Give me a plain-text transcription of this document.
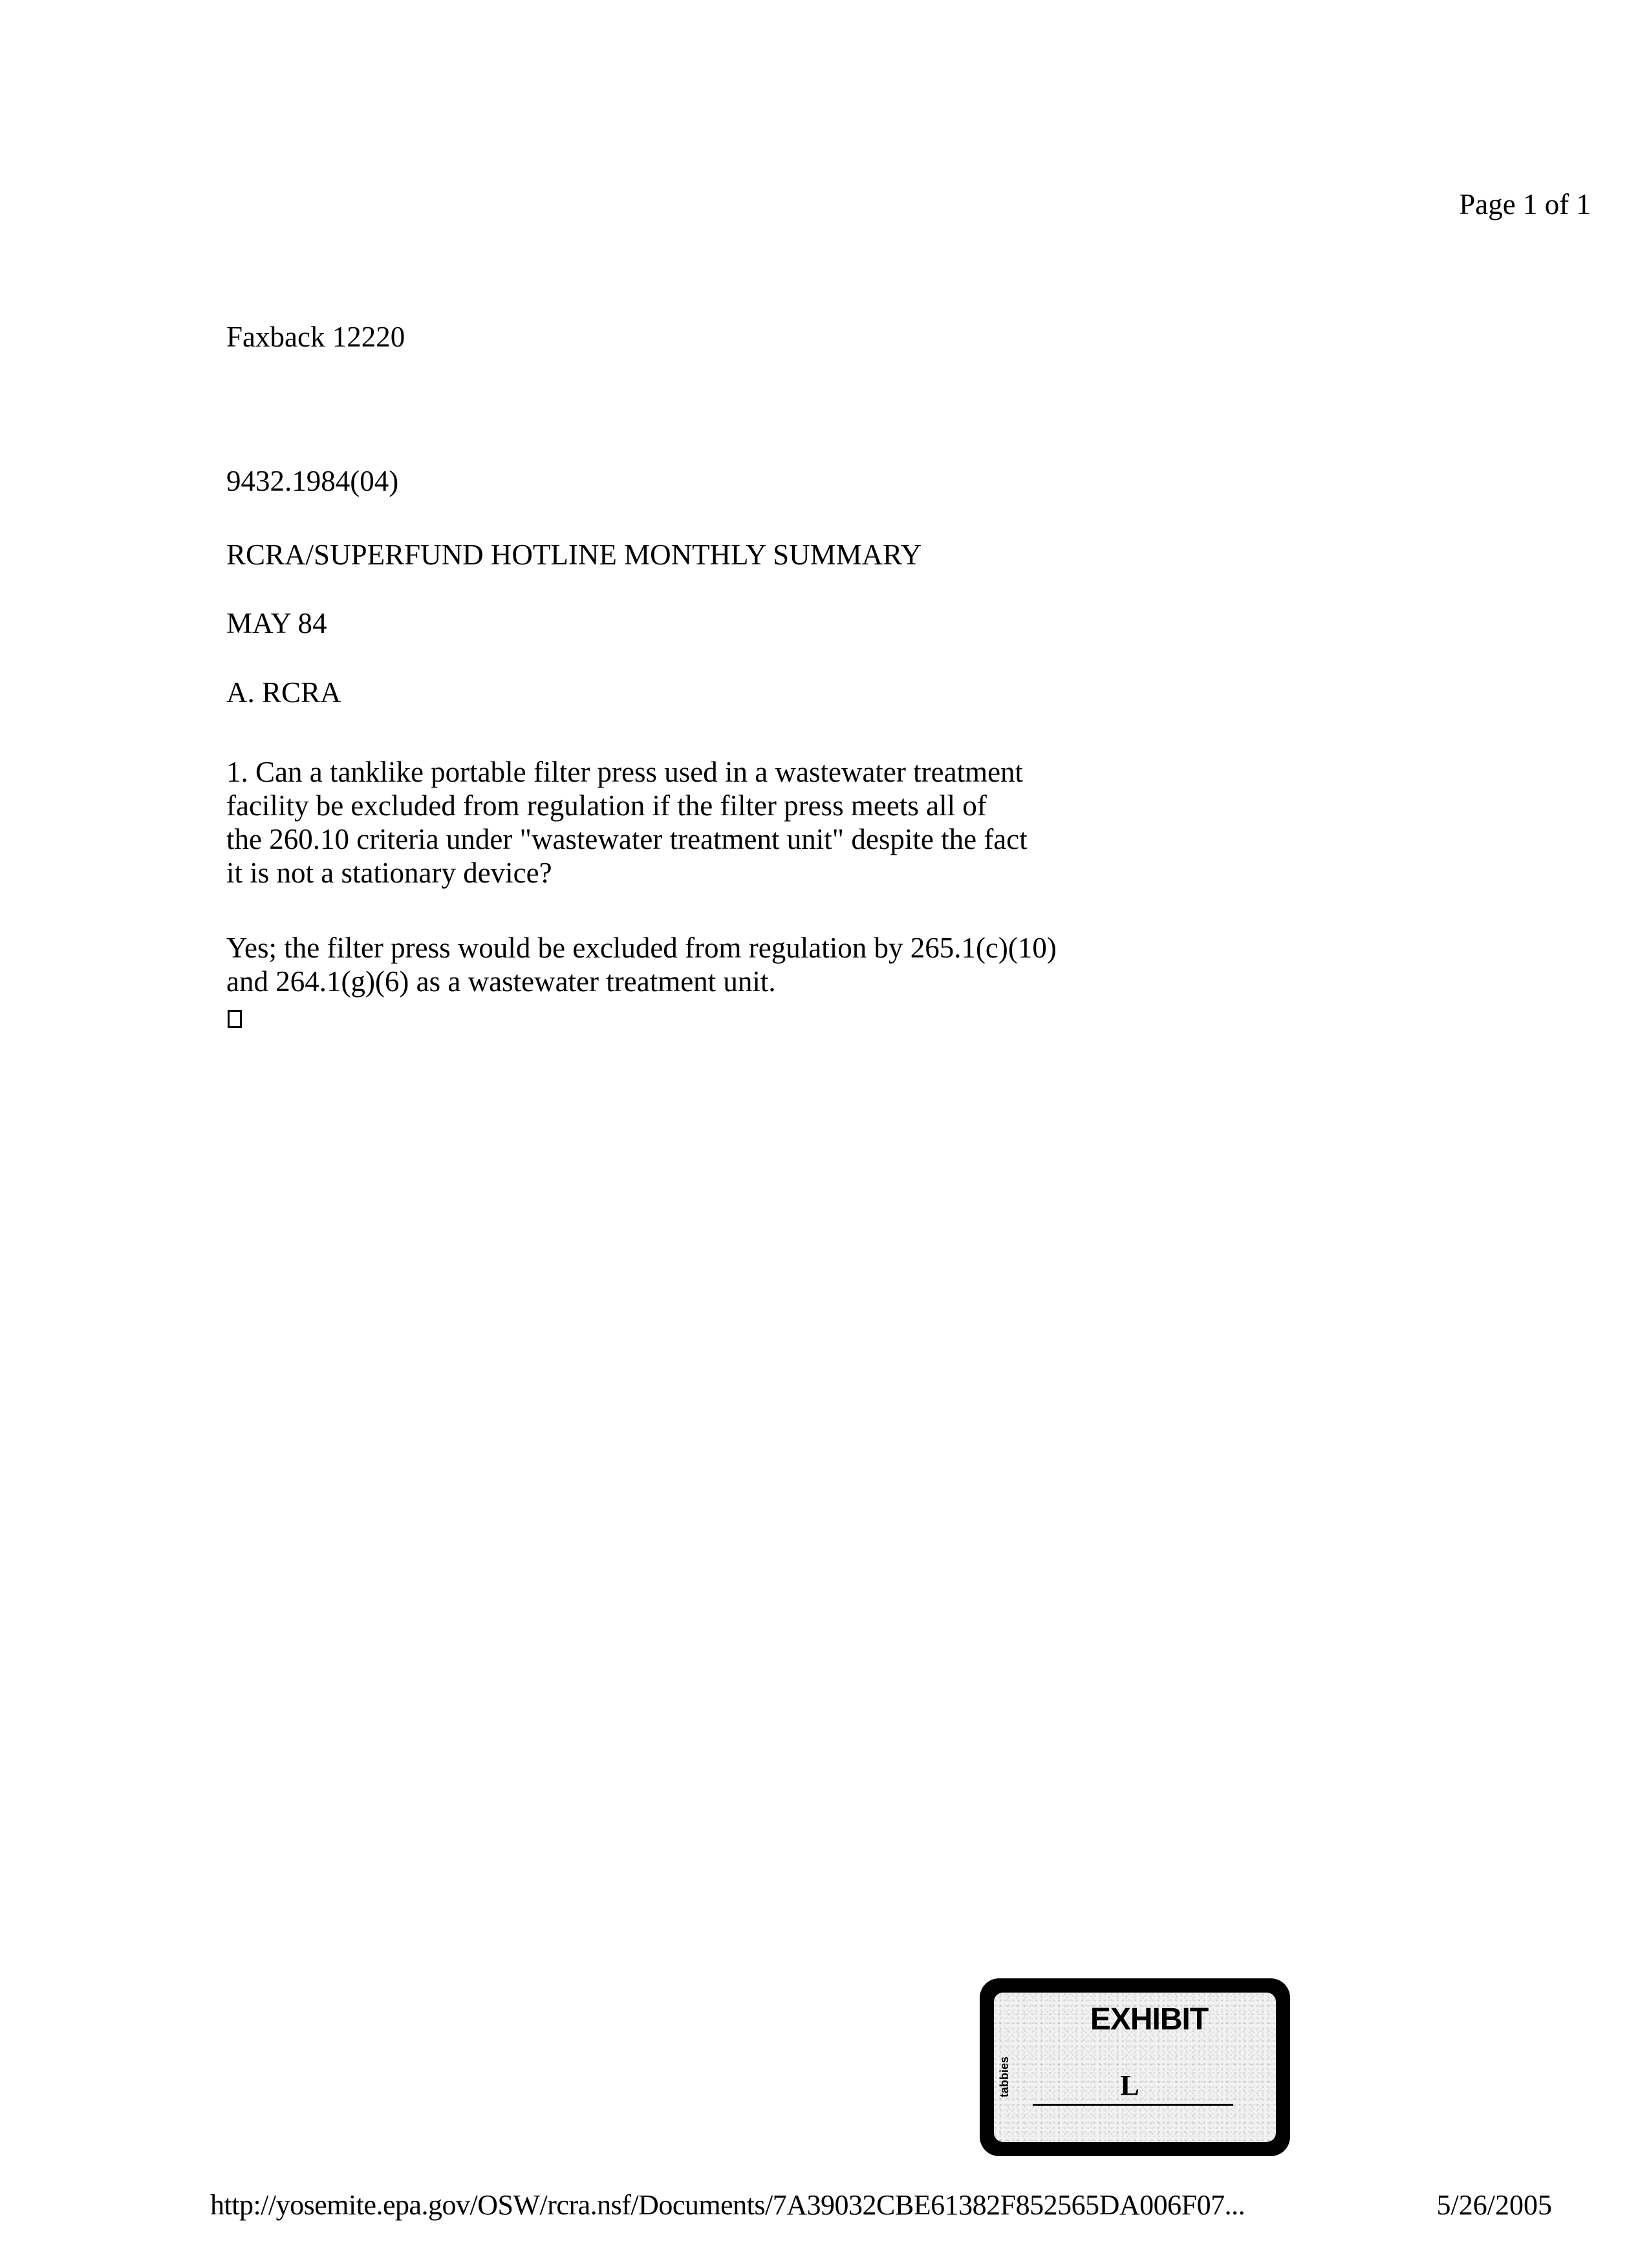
Page 1 of 1
Faxback 12220
9432.1984(04)
RCRA/SUPERFUND HOTLINE MONTHLY SUMMARY
MAY 84
A. RCRA
1. Can a tanklike portable filter press used in a wastewater treatment
facility be excluded from regulation if the filter press meets all of
the 260.10 criteria under "wastewater treatment unit" despite the fact
it is not a stationary device?
Yes; the filter press would be excluded from regulation by 265.1(c)(10)
and 264.1(g)(6) as a wastewater treatment unit.
EXHIBIT
tabbies	L
http://yosemite.epa.gov/OSW/rcra.nsf/Documents/7A39032CBE61382F852565DA006F07...	5/26/2005
